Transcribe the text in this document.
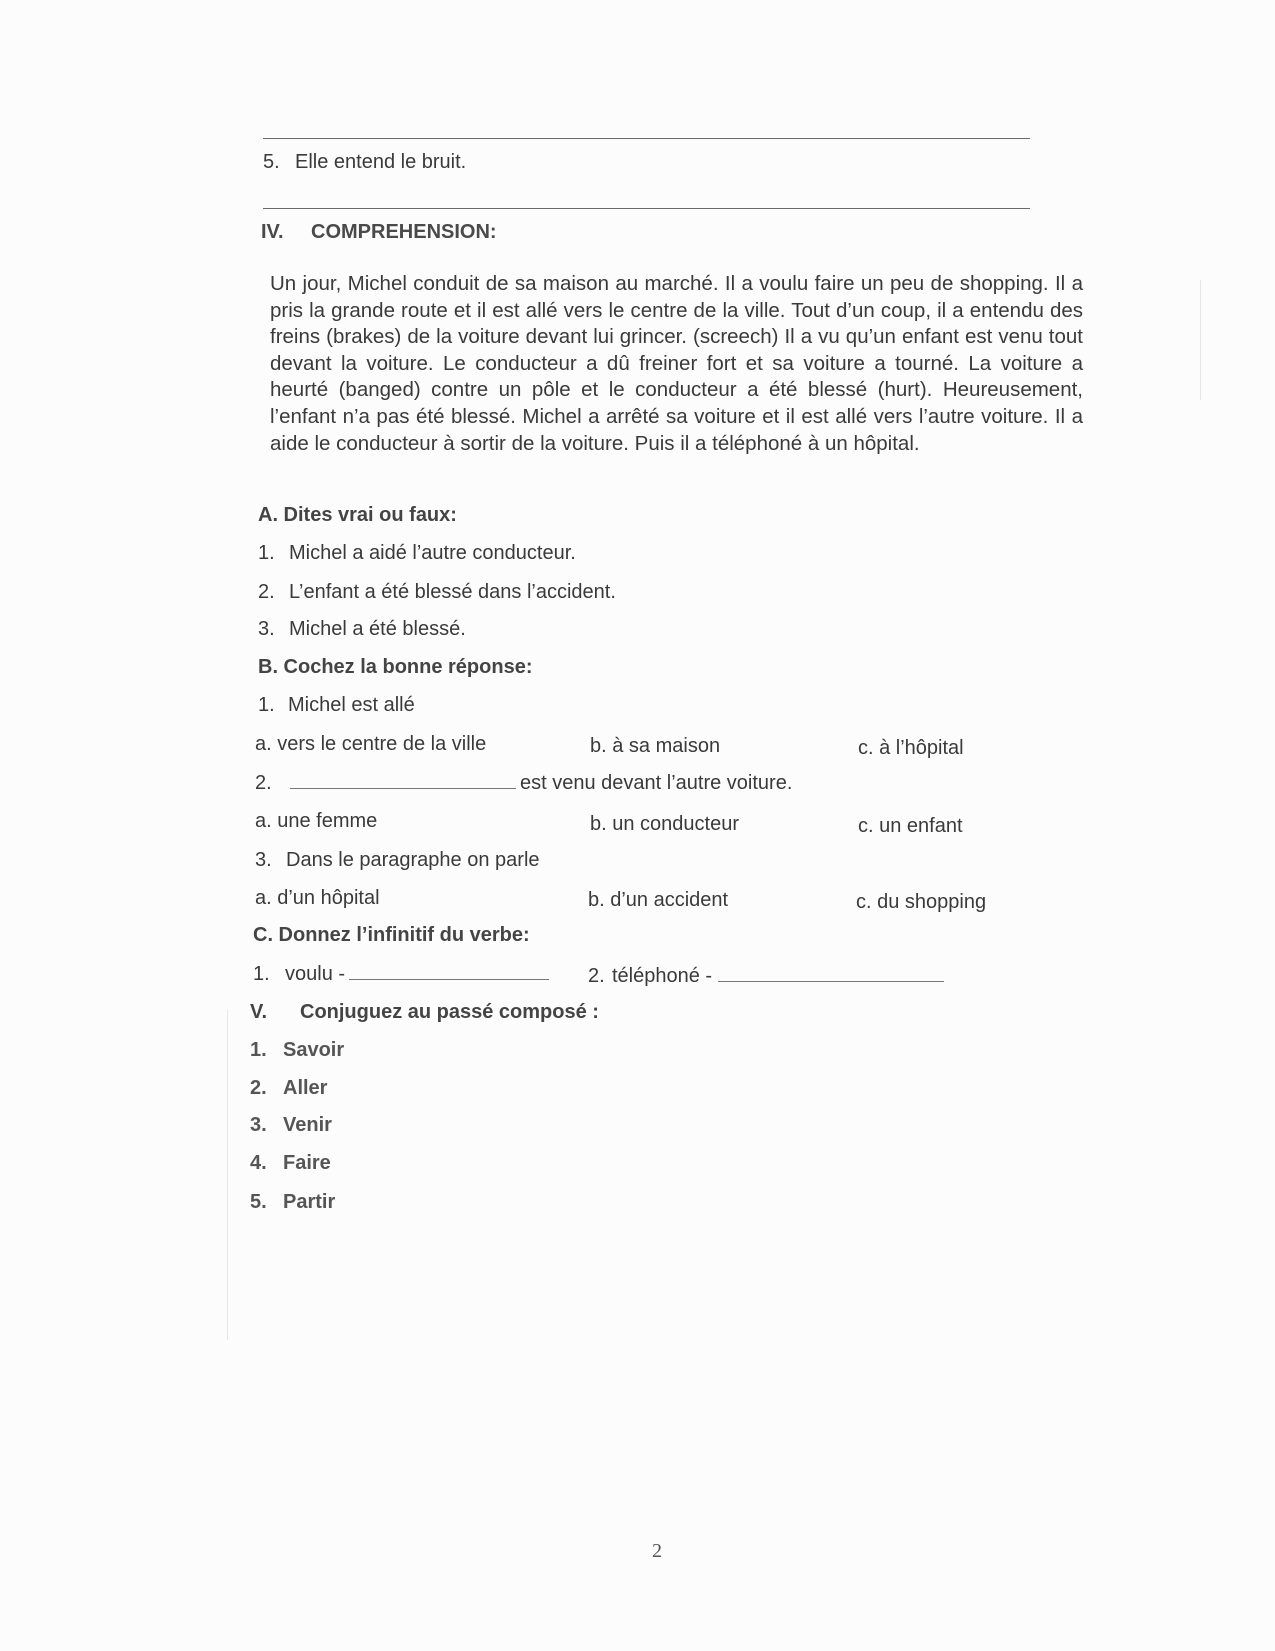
5. Elle entend le bruit.
IV. COMPREHENSION:
Un jour, Michel conduit de sa maison au marché. Il a voulu faire un peu de shopping. Il a pris la grande route et il est allé vers le centre de la ville. Tout d’un coup, il a entendu des freins (brakes) de la voiture devant lui grincer. (screech) Il a vu qu’un enfant est venu tout devant la voiture. Le conducteur a dû freiner fort et sa voiture a tourné. La voiture a heurté (banged) contre un pôle et le conducteur a été blessé (hurt). Heureusement, l’enfant n’a pas été blessé. Michel a arrêté sa voiture et il est allé vers l’autre voiture. Il a aide le conducteur à sortir de la voiture. Puis il a téléphoné à un hôpital.
A. Dites vrai ou faux:
1. Michel a aidé l’autre conducteur.
2. L’enfant a été blessé dans l’accident.
3. Michel a été blessé.
B. Cochez la bonne réponse:
1. Michel est allé
a. vers le centre de la ville	b. à sa maison	c. à l’hôpital
2.	est venu devant l’autre voiture.
a. une femme	b. un conducteur	c. un enfant
3. Dans le paragraphe on parle
a. d’un hôpital	b. d’un accident	c. du shopping
C. Donnez l’infinitif du verbe:
1. voulu -	2. téléphoné -
V. Conjuguez au passé composé :
1. Savoir
2. Aller
3. Venir
4. Faire
5. Partir
2
